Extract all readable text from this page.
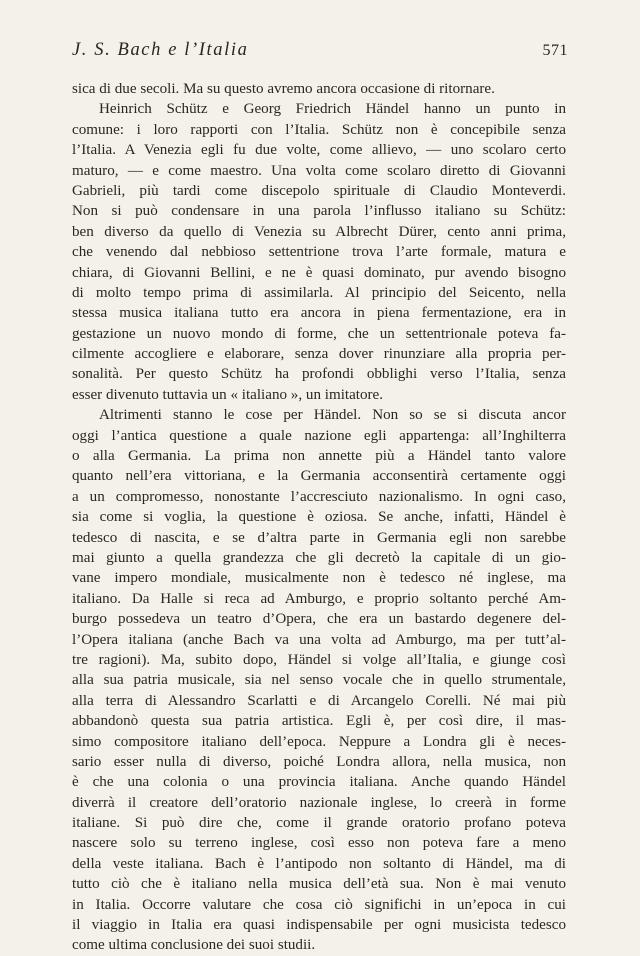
J. S. Bach e l’Italia	571
sica di due secoli. Ma su questo avremo ancora occasione di ritornare.
Heinrich Schütz e Georg Friedrich Händel hanno un punto in
comune: i loro rapporti con l’Italia. Schütz non è concepibile senza
l’Italia. A Venezia egli fu due volte, come allievo, — uno scolaro certo
maturo, — e come maestro. Una volta come scolaro diretto di Giovanni
Gabrieli, più tardi come discepolo spirituale di Claudio Monteverdi.
Non si può condensare in una parola l’influsso italiano su Schütz:
ben diverso da quello di Venezia su Albrecht Dürer, cento anni prima,
che venendo dal nebbioso settentrione trova l’arte formale, matura e
chiara, di Giovanni Bellini, e ne è quasi dominato, pur avendo bisogno
di molto tempo prima di assimilarla. Al principio del Seicento, nella
stessa musica italiana tutto era ancora in piena fermentazione, era in
gestazione un nuovo mondo di forme, che un settentrionale poteva fa-
cilmente accogliere e elaborare, senza dover rinunziare alla propria per-
sonalità. Per questo Schütz ha profondi obblighi verso l’Italia, senza
esser divenuto tuttavia un « italiano », un imitatore.
Altrimenti stanno le cose per Händel. Non so se si discuta ancor
oggi l’antica questione a quale nazione egli appartenga: all’Inghilterra
o alla Germania. La prima non annette più a Händel tanto valore
quanto nell’era vittoriana, e la Germania acconsentirà certamente oggi
a un compromesso, nonostante l’accresciuto nazionalismo. In ogni caso,
sia come si voglia, la questione è oziosa. Se anche, infatti, Händel è
tedesco di nascita, e se d’altra parte in Germania egli non sarebbe
mai giunto a quella grandezza che gli decretò la capitale di un gio-
vane impero mondiale, musicalmente non è tedesco né inglese, ma
italiano. Da Halle si reca ad Amburgo, e proprio soltanto perché Am-
burgo possedeva un teatro d’Opera, che era un bastardo degenere del-
l’Opera italiana (anche Bach va una volta ad Amburgo, ma per tutt’al-
tre ragioni). Ma, subito dopo, Händel si volge all’Italia, e giunge così
alla sua patria musicale, sia nel senso vocale che in quello strumentale,
alla terra di Alessandro Scarlatti e di Arcangelo Corelli. Né mai più
abbandonò questa sua patria artistica. Egli è, per così dire, il mas-
simo compositore italiano dell’epoca. Neppure a Londra gli è neces-
sario esser nulla di diverso, poiché Londra allora, nella musica, non
è che una colonia o una provincia italiana. Anche quando Händel
diverrà il creatore dell’oratorio nazionale inglese, lo creerà in forme
italiane. Si può dire che, come il grande oratorio profano poteva
nascere solo su terreno inglese, così esso non poteva fare a meno
della veste italiana. Bach è l’antipodo non soltanto di Händel, ma di
tutto ciò che è italiano nella musica dell’età sua. Non è mai venuto
in Italia. Occorre valutare che cosa ciò significhi in un’epoca in cui
il viaggio in Italia era quasi indispensabile per ogni musicista tedesco
come ultima conclusione dei suoi studii.
